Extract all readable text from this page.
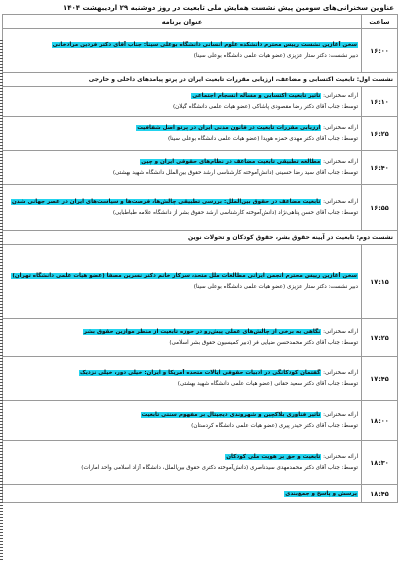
عناوین سخنرانی‌های سومین پیش نشست همایش ملی تابعیت در روز دوشنبه ۲۹ اردیبهشت ۱۴۰۴
ساعت	عنوان برنامه
۱۶:۰۰	سخن آغازین نشست رییس محترم دانشکده علوم انسانی دانشگاه بوعلی سینا: جناب آقای دکتر فردین مرادخانی
دبیر نشست: دکتر ستار عزیزی (عضو هیات علمی دانشگاه بوعلی سینا)

نشست اول: تابعیت اکتسابی و مضاعف، ارزیابی مقررات تابعیت ایران در پرتو پیامدهای داخلی و خارجی	
۱۶:۱۰	ارائه سخنرانی: تاثیر تابعیت اکتسابی و مسأله انسجام اجتماعی
توسط: جناب آقای دکتر رضا مقصودی پاشاکی (عضو هیات علمی دانشگاه گیلان)

۱۶:۲۵	ارائه سخنرانی: ارزیابی مقررات تابعیت در قانون مدنی ایران در پرتو اصل شفافیت
توسط: جناب آقای دکتر مهدی حمزه هویدا (عضو هیات علمی دانشگاه بوعلی سینا)

۱۶:۴۰	ارائه سخنرانی: مطالعه تطبیقی تابعیت مضاعف در نظام‌های حقوقی ایران و چین
توسط: جناب آقای سید رضا حسینی (دانش‌آموخته کارشناسی ارشد حقوق بین‌الملل دانشگاه شهید بهشتی)

۱۶:۵۵	ارائه سخنرانی: تابعیت مضاعف در حقوق بین‌الملل: بررسی تطبیقی چالش‌ها، فرصت‌ها و سیاست‌های ایران در عصر جهانی شدن
توسط: جناب آقای حسن پناهی‌نژاد (دانش‌آموخته کارشناسی ارشد حقوق بشر از دانشگاه علامه طباطبایی)

نشست دوم: تابعیت در آیینه حقوق بشر، حقوق کودکان و تحولات نوین	
۱۷:۱۵	سخن آغازین رییس محترم انجمن ایرانی مطالعات ملل متحد، سرکار خانم دکتر نسرین مصفا (عضو هیات علمی دانشگاه تهران)
دبیر نشست: دکتر ستار عزیزی (عضو هیات علمی دانشگاه بوعلی سینا)

۱۷:۲۵	ارائه سخنرانی: نگاهی به برخی از چالش‌های عملی پیش‌رو در حوزه تابعیت از منظر موازین حقوق بشر
توسط: جناب آقای دکتر محمدحسن ضیایی فر (دبیر کمیسیون حقوق بشر اسلامی)

۱۷:۴۵	ارائه سخنرانی: گفتمان کودکانگی در ادبیات حقوقی ایالات متحده آمریکا و ایران: خیلی دور، خیلی نزدیک
توسط: جناب آقای دکتر سعید حقانی (عضو هیات علمی دانشگاه شهید بهشتی)

۱۸:۰۰	ارائه سخنرانی: تاثیر فناوری بلاکچین و شهروندی دیجیتال بر مفهوم سنتی تابعیت
توسط: جناب آقای دکتر حیدر پیری (عضو هیات علمی دانشگاه کردستان)

۱۸:۳۰	ارائه سخنرانی: تابعیت و حق بر هویت ملی کودکان
توسط: جناب آقای دکتر محمدمهدی سیدناصری (دانش‌آموخته دکتری حقوق بین‌الملل، دانشگاه آزاد اسلامی واحد امارات)

۱۸:۴۵	پرسش و پاسخ و جمع‌بندی
